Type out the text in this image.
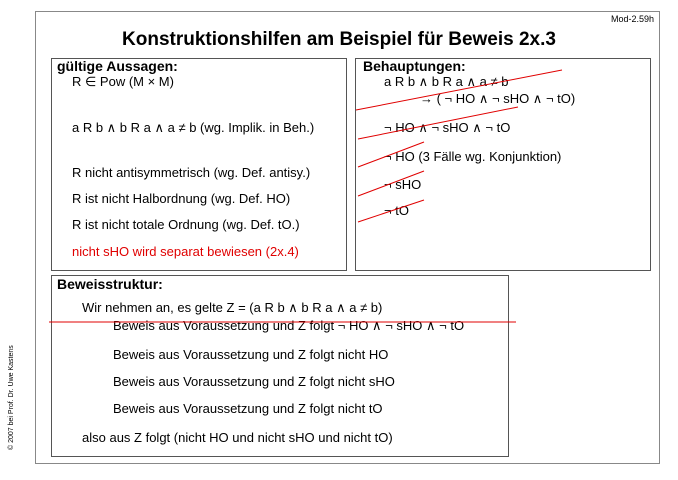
Mod-2.59h
Konstruktionshilfen am Beispiel für Beweis 2x.3
gültige Aussagen:
R ∈ Pow (M × M)
a R b ∧ b R a ∧ a ≠ b (wg. Implik. in Beh.)
R nicht antisymmetrisch (wg. Def. antisy.)
R ist nicht Halbordnung (wg. Def. HO)
R ist nicht totale Ordnung (wg. Def. tO.)
nicht sHO wird separat bewiesen (2x.4)
Behauptungen:
a R b ∧ b R a ∧ a ≠ b
→ ( ¬ HO ∧ ¬ sHO ∧ ¬ tO)
¬ HO ∧ ¬ sHO ∧ ¬ tO
¬ HO (3 Fälle wg. Konjunktion)
¬ sHO
¬ tO
Beweisstruktur:
Wir nehmen an, es gelte Z = (a R b ∧ b R a ∧ a ≠ b)
Beweis aus Voraussetzung und Z folgt ¬ HO ∧ ¬ sHO ∧ ¬ tO
Beweis aus Voraussetzung und Z folgt nicht HO
Beweis aus Voraussetzung und Z folgt nicht sHO
Beweis aus Voraussetzung und Z folgt nicht tO
also aus Z folgt (nicht HO und nicht sHO und nicht tO)
© 2007 bei Prof. Dr. Uwe Kastens
